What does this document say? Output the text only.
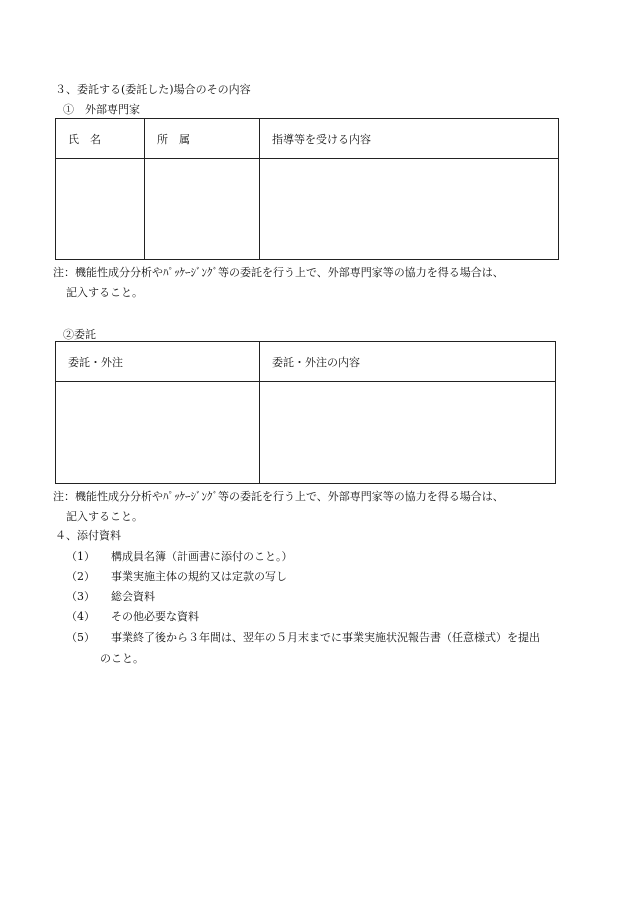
３、委託する(委託した)場合のその内容
①　外部専門家
氏　名	所　属	指導等を受ける内容

注：機能性成分分析やﾊﾟｯｹｰｼﾞﾝｸﾞ等の委託を行う上で、外部専門家等の協力を得る場合は、
記入すること。
②委託
委託・外注	委託・外注の内容

注：機能性成分分析やﾊﾟｯｹｰｼﾞﾝｸﾞ等の委託を行う上で、外部専門家等の協力を得る場合は、
記入すること。
４、添付資料
（1） 構成員名簿（計画書に添付のこと。）
（2） 事業実施主体の規約又は定款の写し
（3） 総会資料
（4） その他必要な資料
（5） 事業終了後から３年間は、翌年の５月末までに事業実施状況報告書（任意様式）を提出
のこと。
